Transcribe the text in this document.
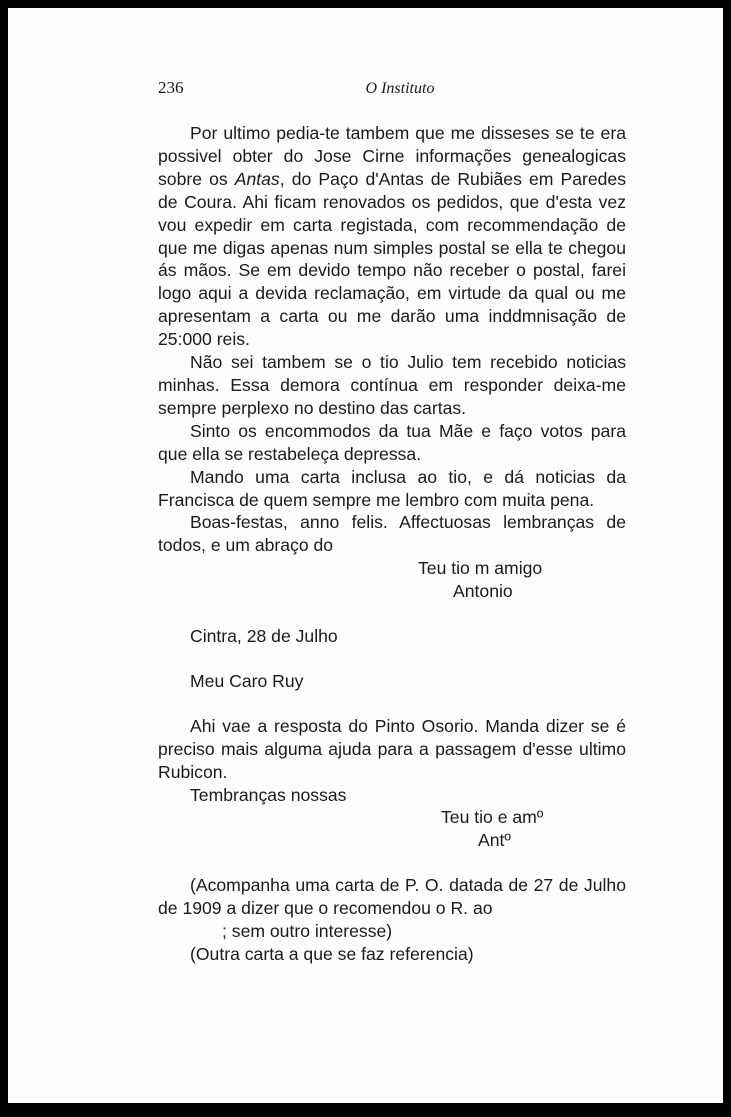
236	O Instituto

Por ultimo pedia-te tambem que me disseses se te era possivel obter do Jose Cirne informações genealogicas sobre os Antas, do Paço d'Antas de Rubiães em Paredes de Coura. Ahi ficam renovados os pedidos, que d'esta vez vou expedir em carta registada, com recommendação de que me digas apenas num simples postal se ella te chegou ás mãos. Se em devido tempo não receber o postal, farei logo aqui a devida reclamação, em virtude da qual ou me apresentam a carta ou me darão uma inddmnisação de 25:000 reis.

Não sei tambem se o tio Julio tem recebido noticias minhas. Essa demora contínua em responder deixa-me sempre perplexo no destino das cartas.

Sinto os encommodos da tua Mãe e faço votos para que ella se restabeleça depressa.

Mando uma carta inclusa ao tio, e dá noticias da Francisca de quem sempre me lembro com muita pena.

Boas-festas, anno felis. Affectuosas lembranças de todos, e um abraço do

Teu tio m amigo

Antonio

Cintra, 28 de Julho

Meu Caro Ruy

Ahi vae a resposta do Pinto Osorio. Manda dizer se é preciso mais alguma ajuda para a passagem d'esse ultimo Rubicon.

Tembranças nossas

Teu tio e amº

Antº

(Acompanha uma carta de P. O. datada de 27 de Julho de 1909 a dizer que o recomendou o R. ao

; sem outro interesse)

(Outra carta a que se faz referencia)
